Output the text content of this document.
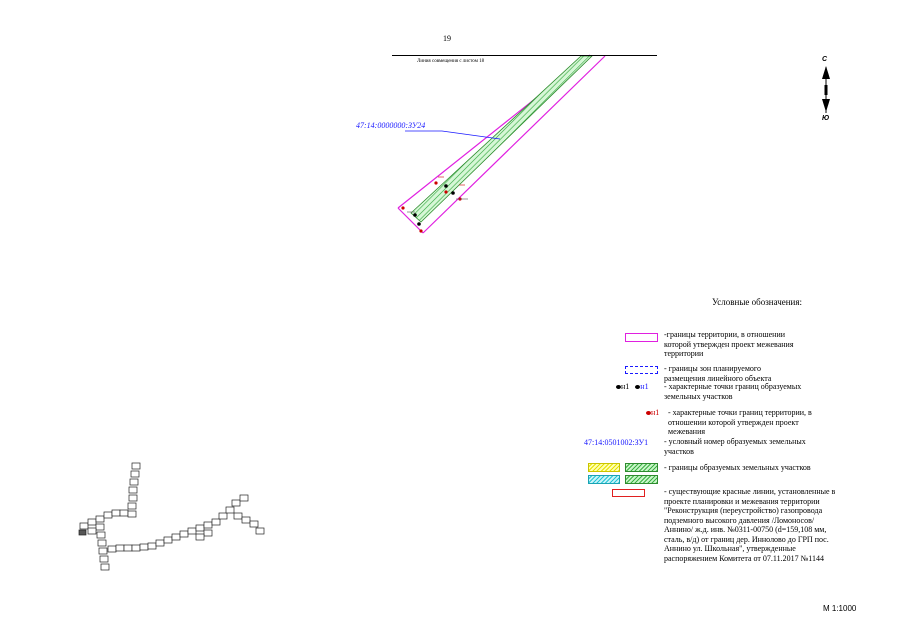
19
Линия совмещения с листом 18
47:14:0000000:ЗУ24
С
Ю
Условные обозначения:
-границы территории, в отношении которой утвержден проект межевания территории
- границы зон планируемого размещения линейного объекта
н1 н1 - характерные точки границ образуемых земельных участков
н1 - характерные точки границ территории, в отношении которой утвержден проект межевания
47:14:0501002:ЗУ1 - условный номер образуемых земельных участков
- границы образуемых земельных участков
- существующие красные линии, установленные в проекте планировки и межевания территории "Реконструкция (переустройство) газопровода подземного высокого давления /Ломоносов/Аннино/ ж.д. инв. №0311-00750 (d=159,108 мм, сталь, в/д) от границ дер. Иннолово до ГРП пос. Аннино ул. Школьная", утвержденные распоряжением Комитета от 07.11.2017 №1144
М 1:1000
